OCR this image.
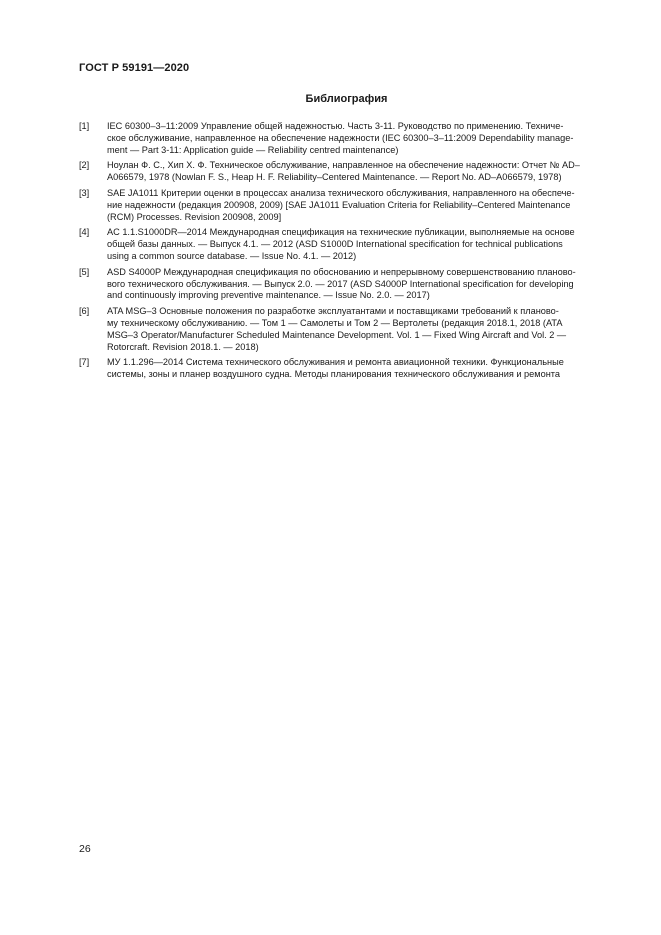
ГОСТ Р 59191—2020
Библиография
[1]	IEC 60300–3–11:2009 Управление общей надежностью. Часть 3-11. Руководство по применению. Техниче-
ское обслуживание, направленное на обеспечение надежности (IEC 60300–3–11:2009 Dependability manage-
ment — Part 3-11: Application guide — Reliability centred maintenance)
[2]	Ноулан Ф. С., Хип Х. Ф. Техническое обслуживание, направленное на обеспечение надежности: Отчет № AD–
A066579, 1978 (Nowlan F. S., Heap H. F. Reliability–Centered Maintenance. — Report No. AD–A066579, 1978)
[3]	SAE JA1011 Критерии оценки в процессах анализа технического обслуживания, направленного на обеспече-
ние надежности (редакция 200908, 2009) [SAE JA1011 Evaluation Criteria for Reliability–Centered Maintenance
(RCM) Processes. Revision 200908, 2009]
[4]	AC 1.1.S1000DR—2014 Международная спецификация на технические публикации, выполняемые на основе
общей базы данных. — Выпуск 4.1. — 2012 (ASD S1000D International specification for technical publications
using a common source database. — Issue No. 4.1. — 2012)
[5]	ASD S4000P Международная спецификация по обоснованию и непрерывному совершенствованию планово-
вого технического обслуживания. — Выпуск 2.0. — 2017 (ASD S4000P International specification for developing
and continuously improving preventive maintenance. — Issue No. 2.0. — 2017)
[6]	ATA MSG–3 Основные положения по разработке эксплуатантами и поставщиками требований к планово-
му техническому обслуживанию. — Том 1 — Самолеты и Том 2 — Вертолеты (редакция 2018.1, 2018 (ATA
MSG–3 Operator/Manufacturer Scheduled Maintenance Development. Vol. 1 — Fixed Wing Aircraft and Vol. 2 —
Rotorcraft. Revision 2018.1. — 2018)
[7]	МУ 1.1.296—2014 Система технического обслуживания и ремонта авиационной техники. Функциональные
системы, зоны и планер воздушного судна. Методы планирования технического обслуживания и ремонта
26
